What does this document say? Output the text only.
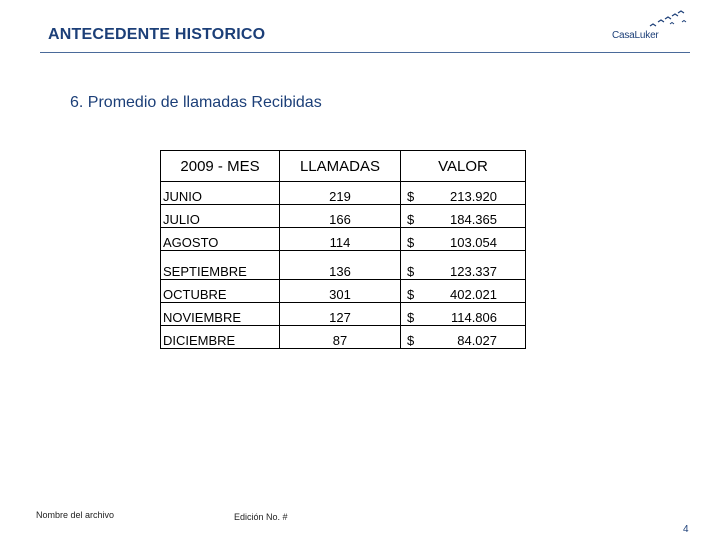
ANTECEDENTE HISTORICO	CasaLuker
6. Promedio de llamadas Recibidas
2009 - MES	LLAMADAS	VALOR
JUNIO	219	$ 213.920

JULIO	166	$ 184.365

AGOSTO	114	$ 103.054

SEPTIEMBRE	136	$ 123.337

OCTUBRE	301	$ 402.021

NOVIEMBRE	127	$ 114.806

DICIEMBRE	87	$ 84.027
Nombre del archivo	Edición No. #
4
